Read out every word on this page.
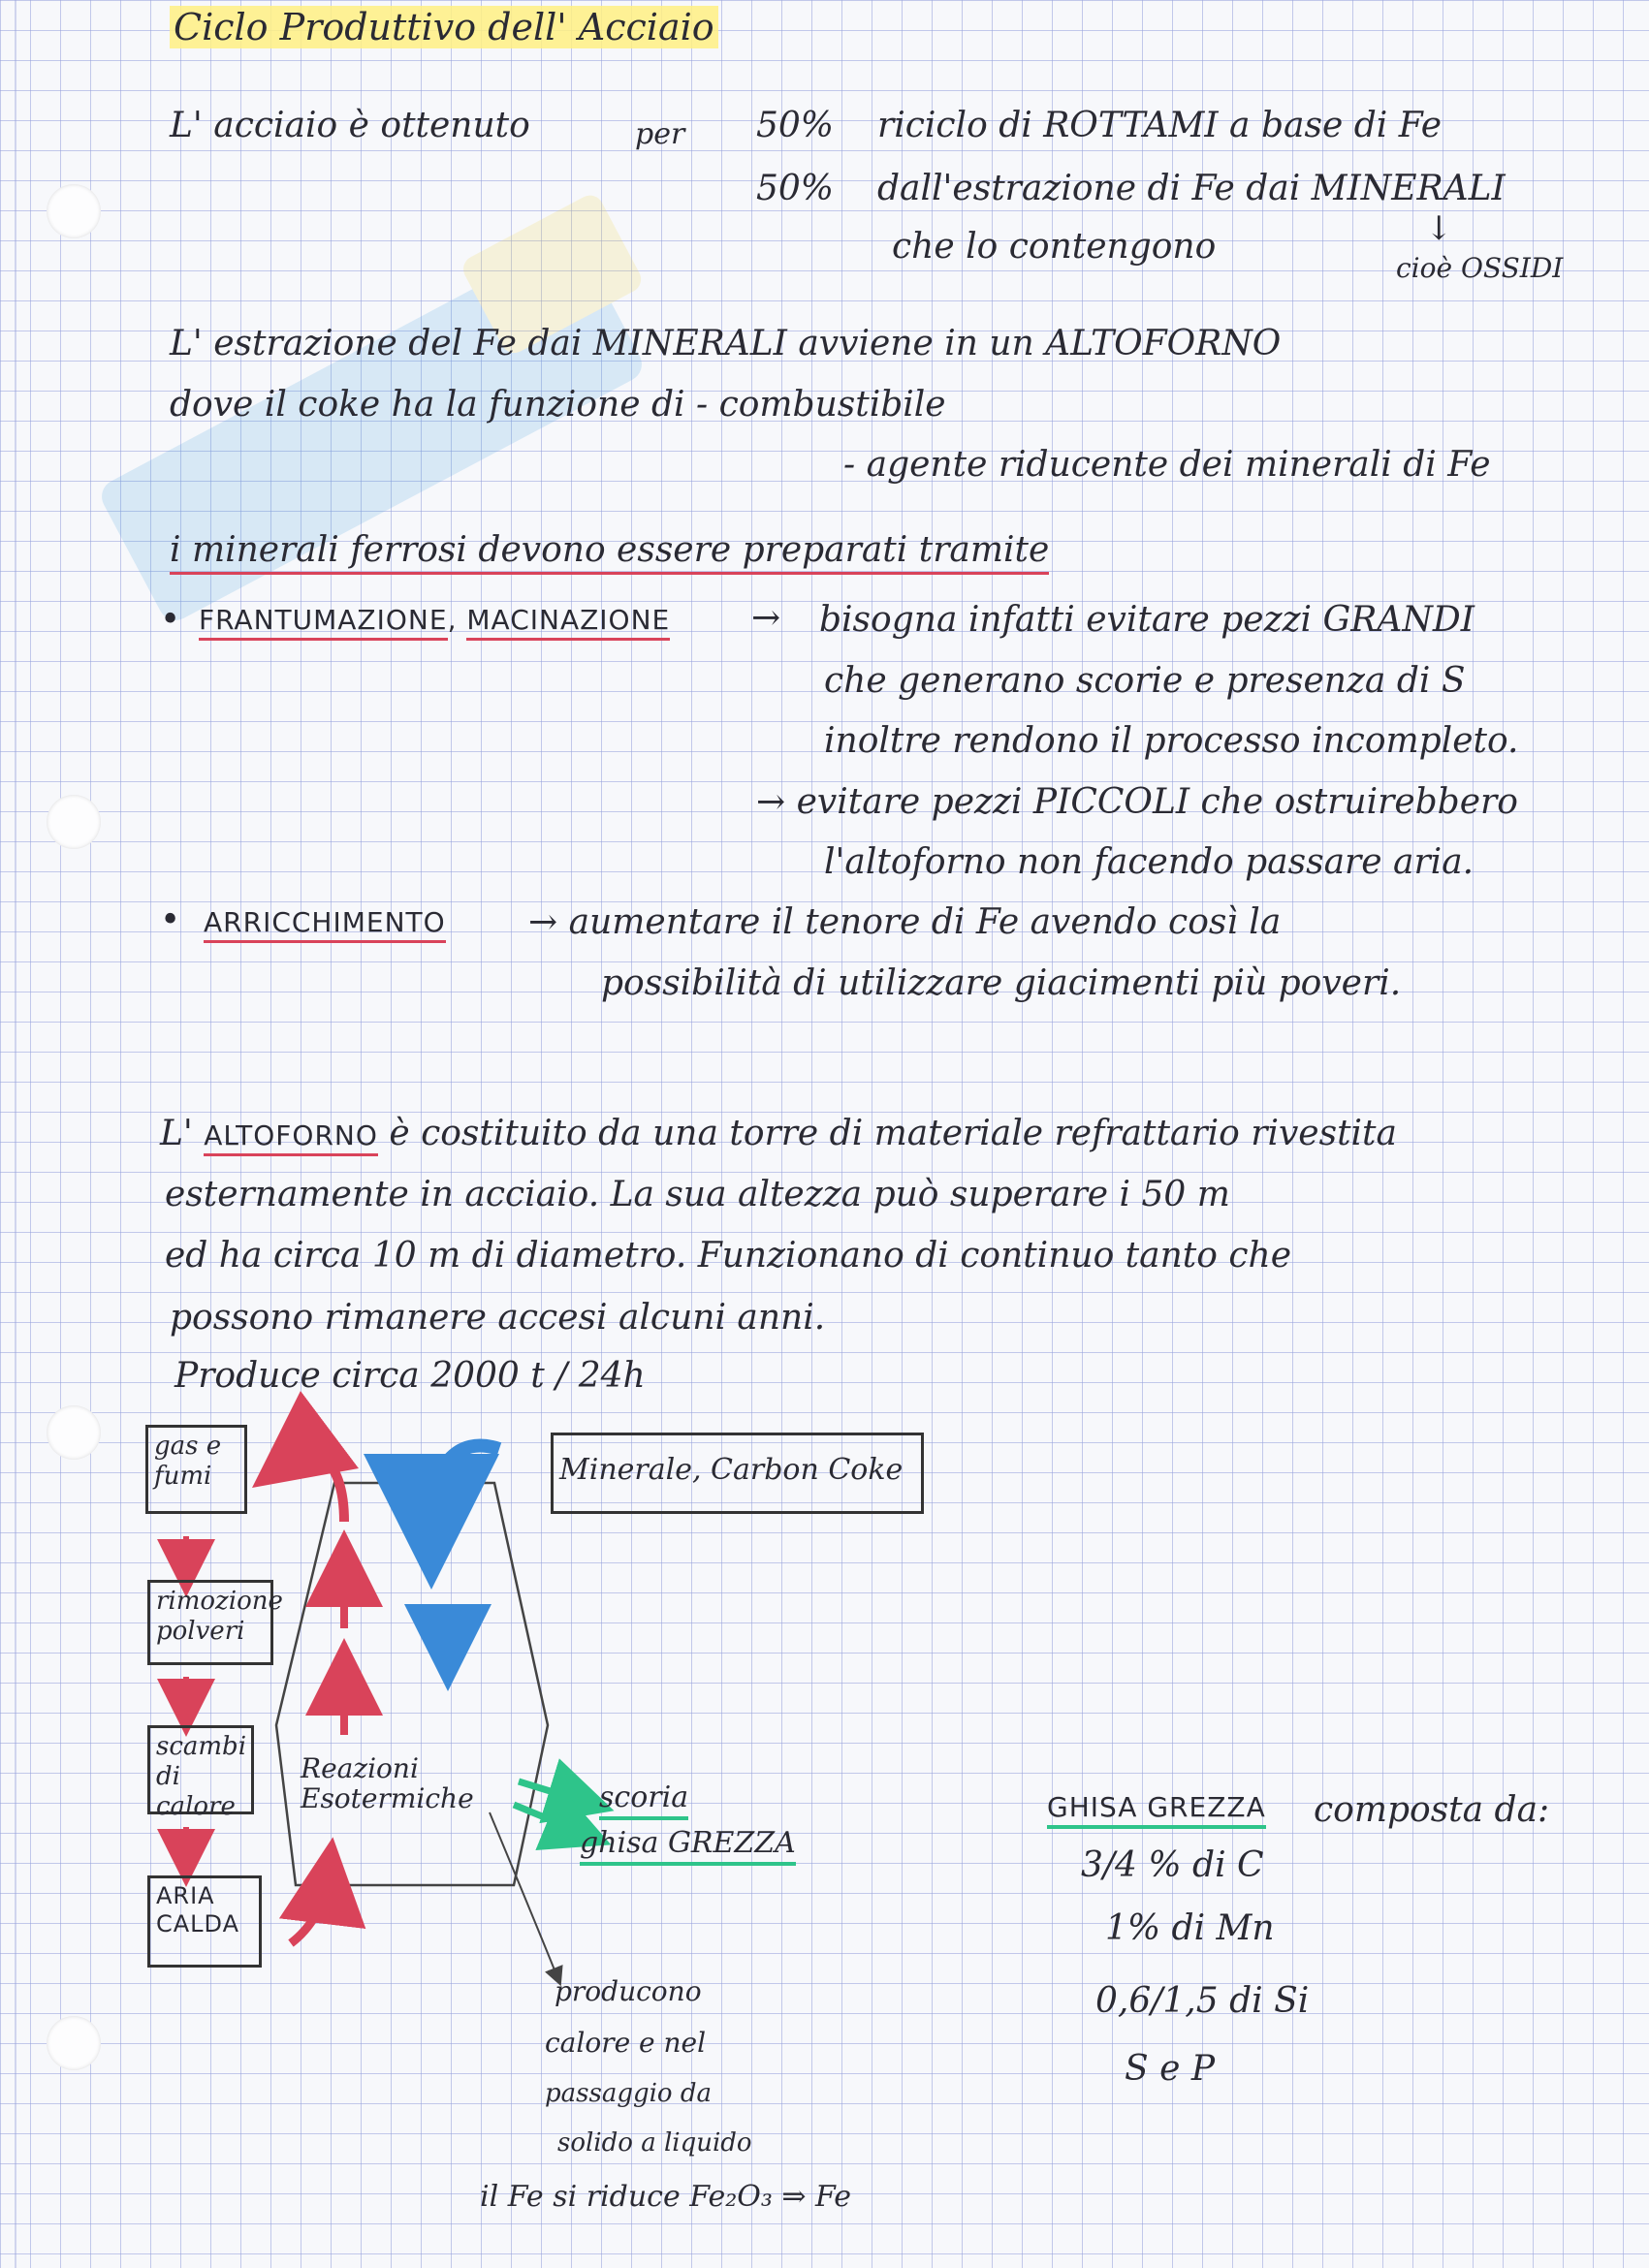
Ciclo Produttivo dell' Acciaio
L' acciaio è ottenuto	per 50% riciclo di ROTTAMI a base di Fe
50% dall'estrazione di Fe dai MINERALI
che lo contengono	↓
cioè OSSIDI
L' estrazione del Fe dai MINERALI avviene in un ALTOFORNO
dove il coke ha la funzione di - combustibile
- agente riducente dei minerali di Fe
i minerali ferrosi devono essere preparati tramite
• FRANTUMAZIONE, MACINAZIONE → bisogna infatti evitare pezzi GRANDI
che generano scorie e presenza di S
inoltre rendono il processo incompleto.
→ evitare pezzi PICCOLI che ostruirebbero
l'altoforno non facendo passare aria.
• ARRICCHIMENTO → aumentare il tenore di Fe avendo così la
possibilità di utilizzare giacimenti più poveri.
L' ALTOFORNO è costituito da una torre di materiale refrattario rivestita
esternamente in acciaio. La sua altezza può superare i 50 m
ed ha circa 10 m di diametro. Funzionano di continuo tanto che
possono rimanere accesi alcuni anni.
Produce circa 2000 t / 24h
gas e fumi
rimozione polveri
scambi di calore
ARIA CALDA
Minerale, Carbon Coke
Reazioni Esotermiche	scoria
ghisa GREZZA
producono
calore e nel
passaggio da
solido a liquido
il Fe si riduce Fe₂O₃ ⇒ Fe
GHISA GREZZA composta da:
3/4 % di C
1% di Mn
0,6/1,5 di Si
S e P
